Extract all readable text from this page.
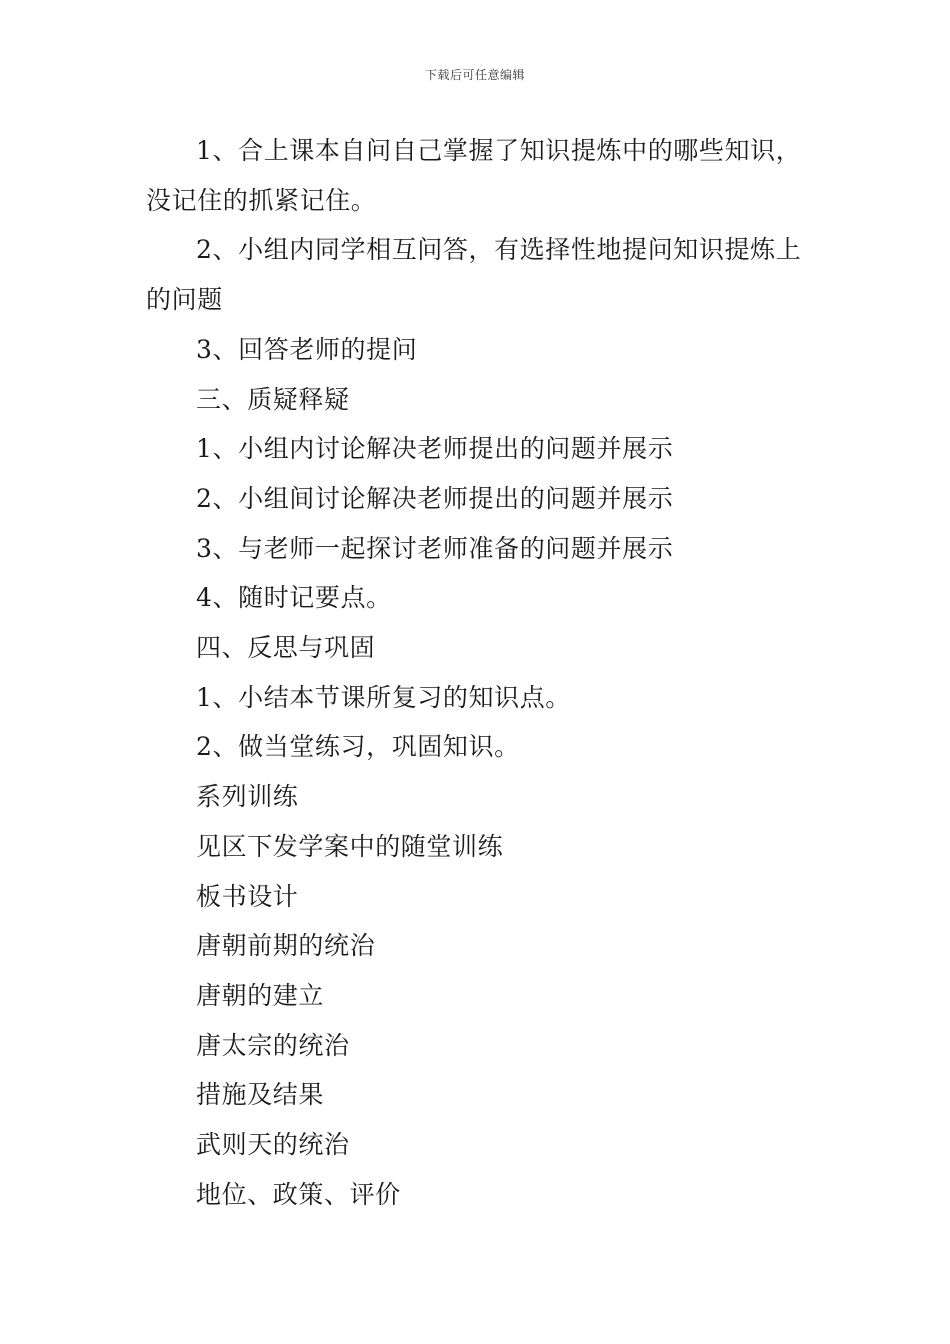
下载后可任意编辑

1、合上课本自问自己掌握了知识提炼中的哪些知识，没记住的抓紧记住。

2、小组内同学相互问答，有选择性地提问知识提炼上的问题

3、回答老师的提问

三、质疑释疑

1、小组内讨论解决老师提出的问题并展示

2、小组间讨论解决老师提出的问题并展示

3、与老师一起探讨老师准备的问题并展示

4、随时记要点。

四、反思与巩固

1、小结本节课所复习的知识点。

2、做当堂练习，巩固知识。

系列训练

见区下发学案中的随堂训练

板书设计

唐朝前期的统治

唐朝的建立

唐太宗的统治

措施及结果

武则天的统治

地位、政策、评价
